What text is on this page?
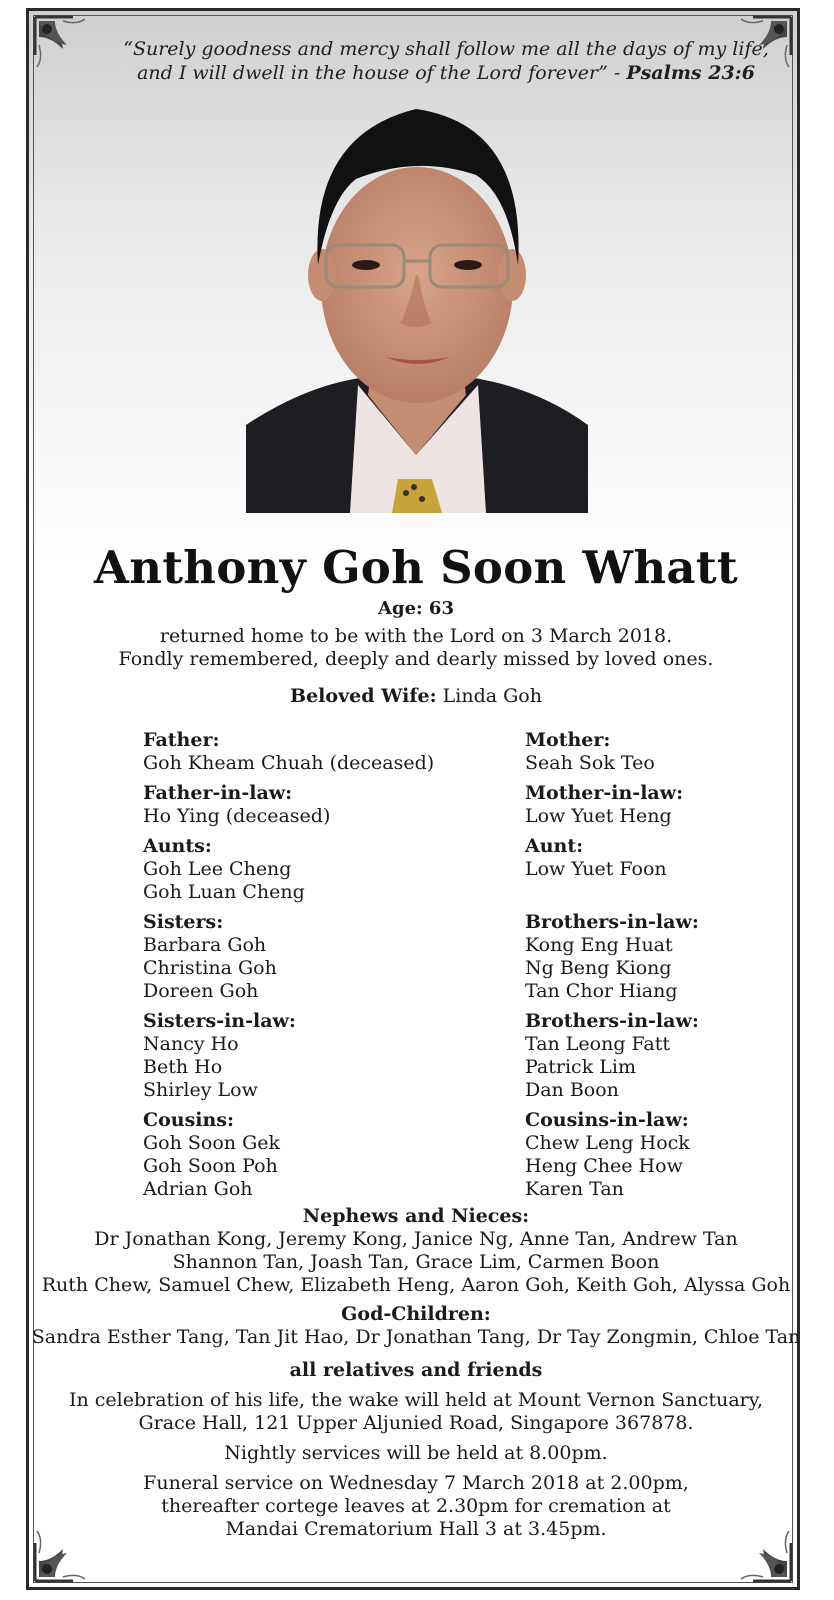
“Surely goodness and mercy shall follow me all the days of my life,
and I will dwell in the house of the Lord forever” - Psalms 23:6
Anthony Goh Soon Whatt
Age: 63
returned home to be with the Lord on 3 March 2018.
Fondly remembered, deeply and dearly missed by loved ones.
Beloved Wife: Linda Goh
Father:
Goh Kheam Chuah (deceased)
Father-in-law:
Ho Ying (deceased)
Aunts:
Goh Lee Cheng
Goh Luan Cheng
Sisters:
Barbara Goh
Christina Goh
Doreen Goh
Sisters-in-law:
Nancy Ho
Beth Ho
Shirley Low
Cousins:
Goh Soon Gek
Goh Soon Poh
Adrian Goh
Mother:
Seah Sok Teo
Mother-in-law:
Low Yuet Heng
Aunt:
Low Yuet Foon
Brothers-in-law:
Kong Eng Huat
Ng Beng Kiong
Tan Chor Hiang
Brothers-in-law:
Tan Leong Fatt
Patrick Lim
Dan Boon
Cousins-in-law:
Chew Leng Hock
Heng Chee How
Karen Tan
Nephews and Nieces:
Dr Jonathan Kong, Jeremy Kong, Janice Ng, Anne Tan, Andrew Tan
Shannon Tan, Joash Tan, Grace Lim, Carmen Boon
Ruth Chew, Samuel Chew, Elizabeth Heng, Aaron Goh, Keith Goh, Alyssa Goh
God-Children:
Sandra Esther Tang, Tan Jit Hao, Dr Jonathan Tang, Dr Tay Zongmin, Chloe Tan
all relatives and friends
In celebration of his life, the wake will held at Mount Vernon Sanctuary,
Grace Hall, 121 Upper Aljunied Road, Singapore 367878.
Nightly services will be held at 8.00pm.
Funeral service on Wednesday 7 March 2018 at 2.00pm,
thereafter cortege leaves at 2.30pm for cremation at
Mandai Crematorium Hall 3 at 3.45pm.
